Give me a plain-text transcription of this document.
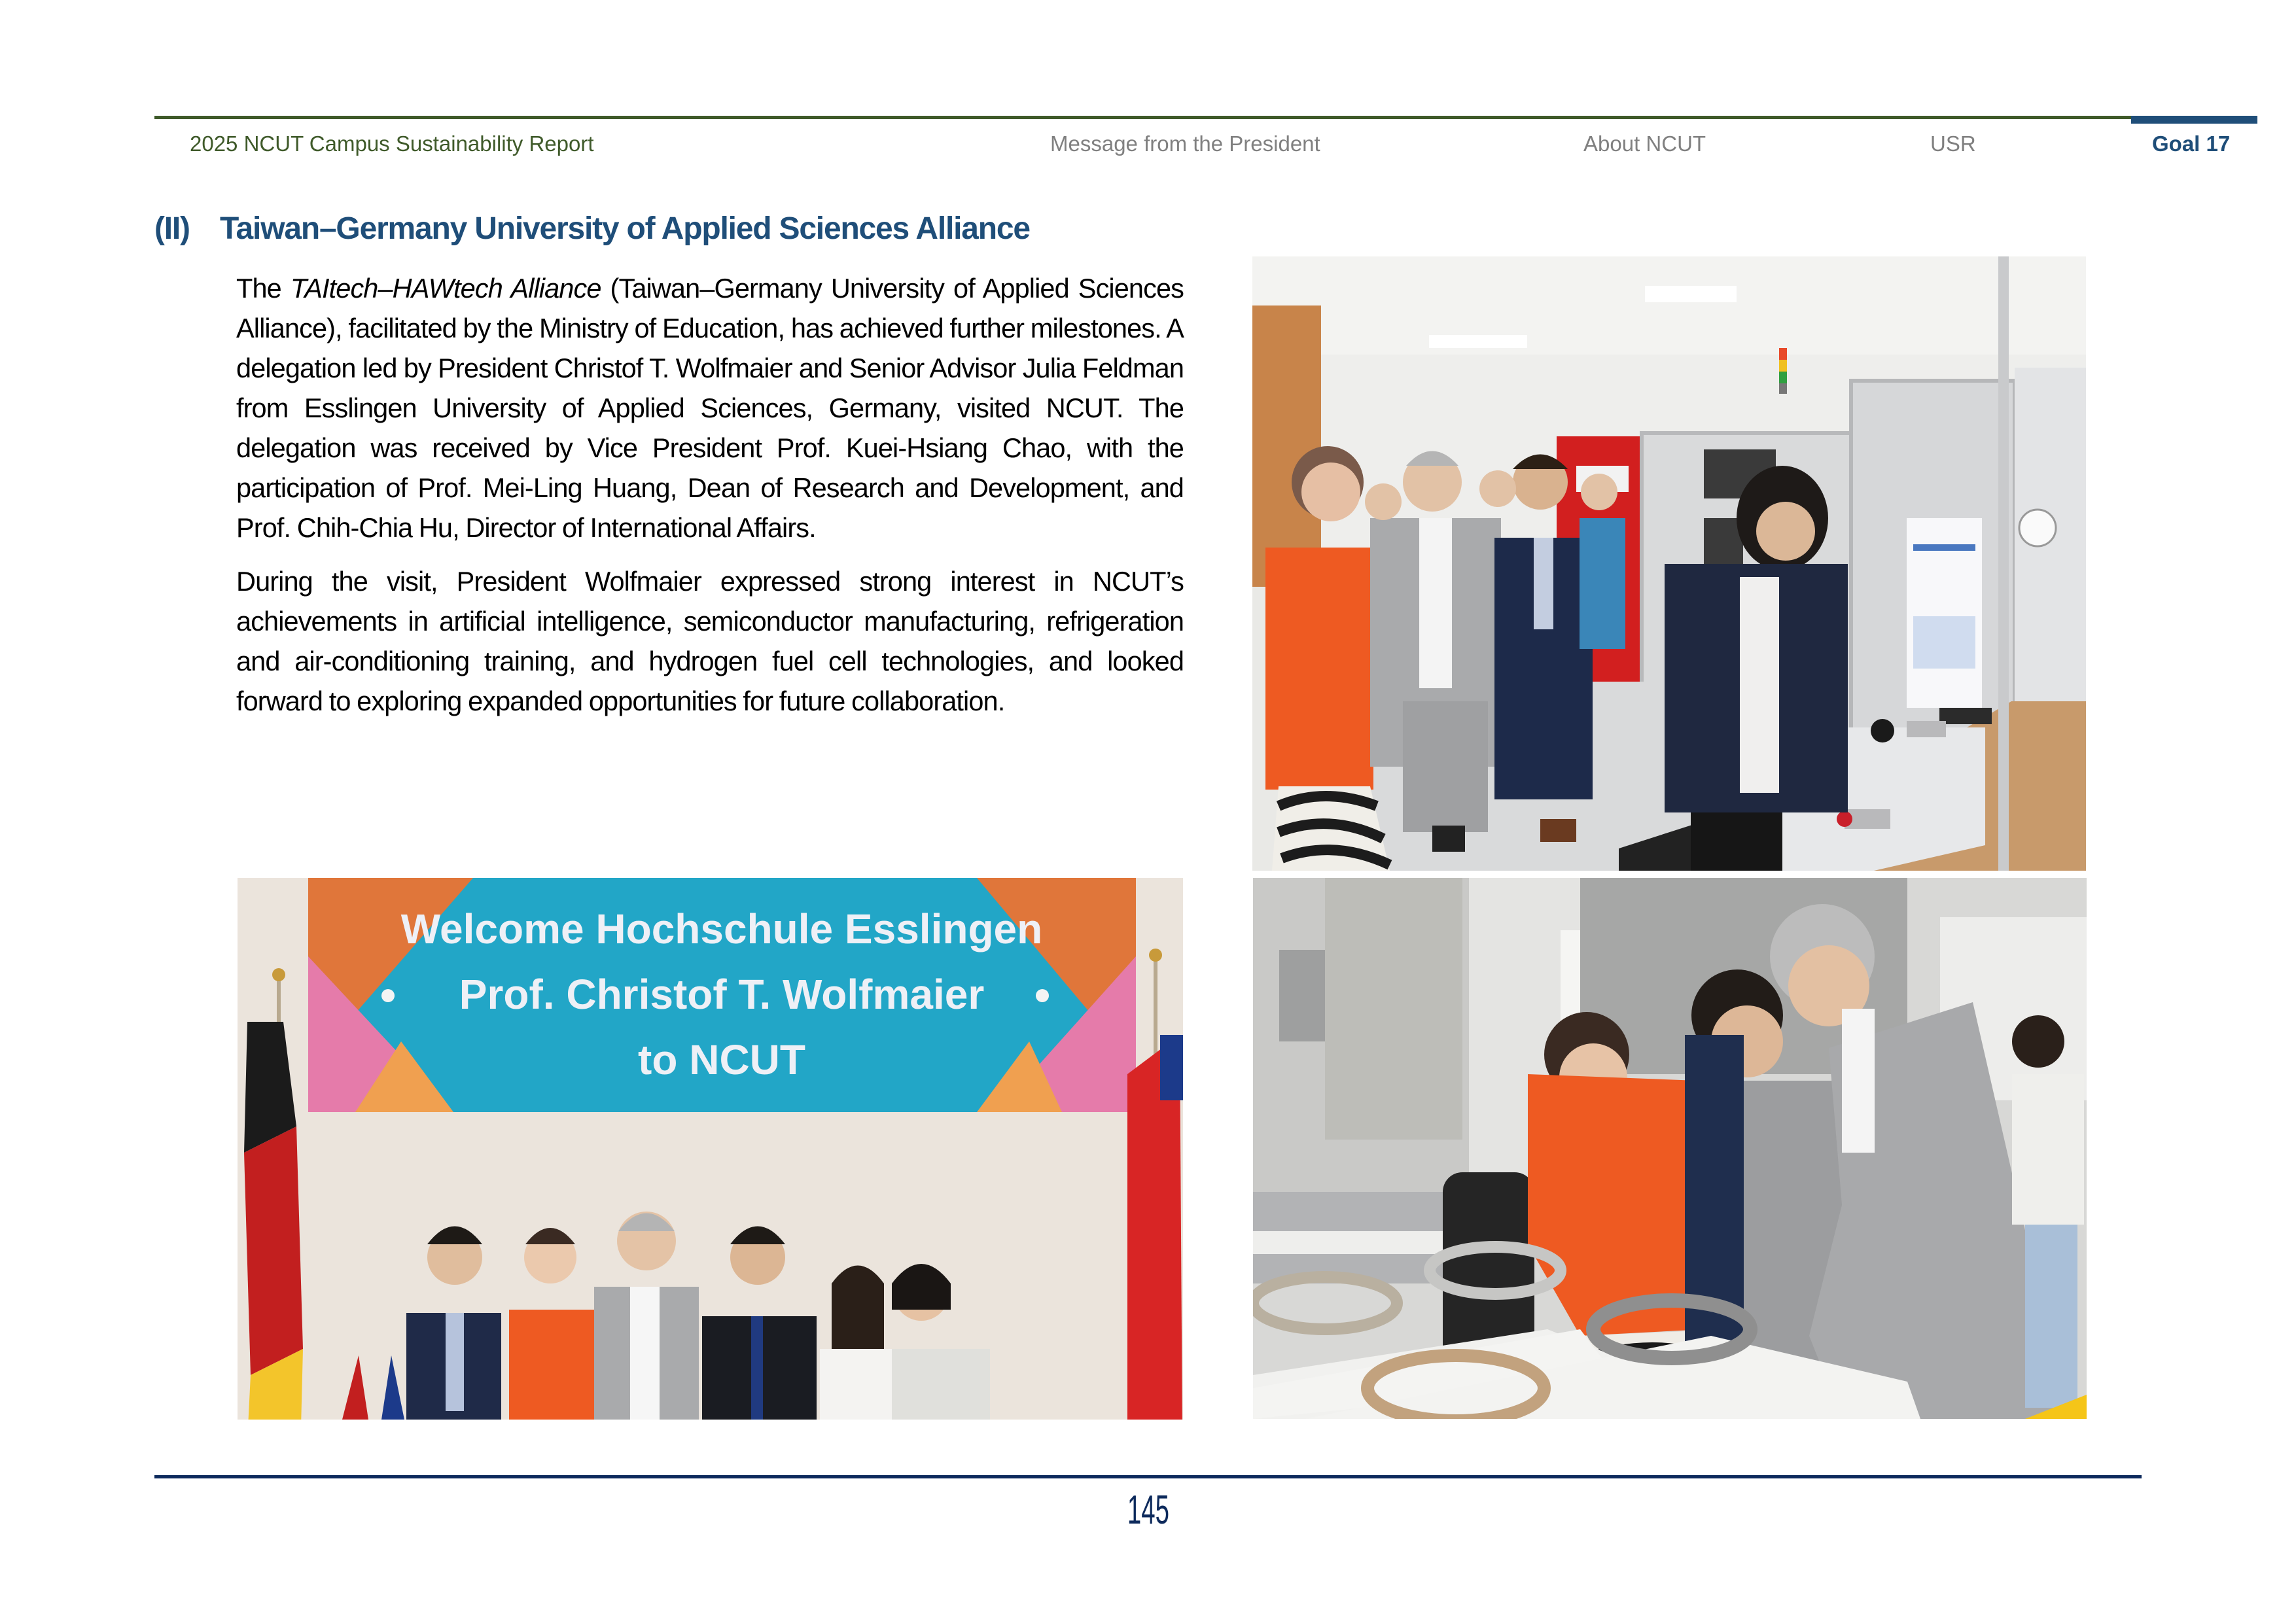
2025 NCUT Campus Sustainability Report	Message from the President	About NCUT	USR	Goal 17
(II) Taiwan–Germany University of Applied Sciences Alliance

The TAItech–HAWtech Alliance (Taiwan–Germany University of Applied Sciences Alliance), facilitated by the Ministry of Education, has achieved further milestones. A delegation led by President Christof T. Wolfmaier and Senior Advisor Julia Feldman from Esslingen University of Applied Sciences, Germany, visited NCUT. The delegation was received by Vice President Prof. Kuei-Hsiang Chao, with the participation of Prof. Mei-Ling Huang, Dean of Research and Development, and Prof. Chih-Chia Hu, Director of International Affairs.

During the visit, President Wolfmaier expressed strong interest in NCUT’s achievements in artificial intelligence, semiconductor manufacturing, refrigeration and air-conditioning training, and hydrogen fuel cell technologies, and looked forward to exploring expanded opportunities for future collaboration.

Welcome Hochschule Esslingen
Prof. Christof T. Wolfmaier
to NCUT
145
